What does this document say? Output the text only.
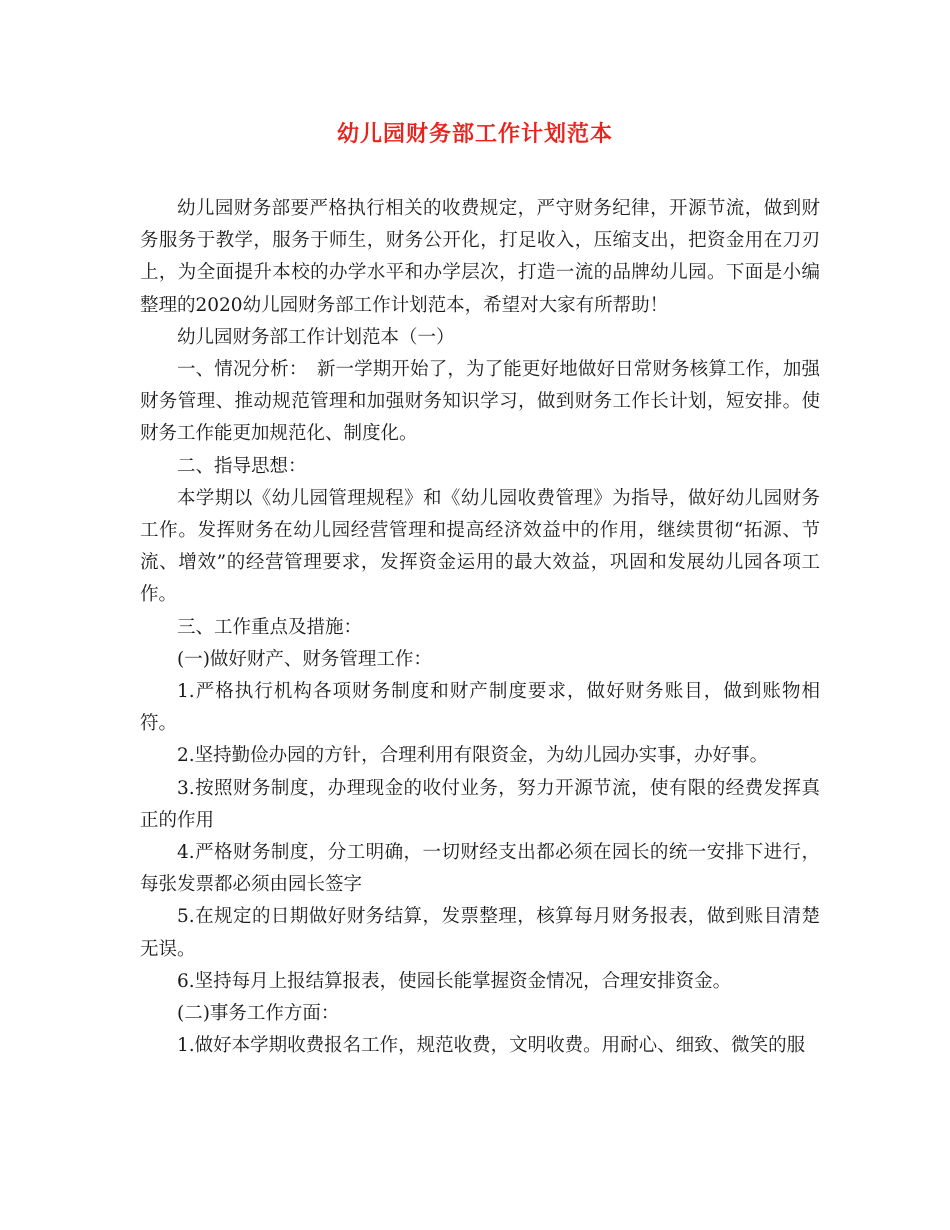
幼儿园财务部工作计划范本

幼儿园财务部要严格执行相关的收费规定，严守财务纪律，开源节流，做到财务服务于教学，服务于师生，财务公开化，打足收入，压缩支出，把资金用在刀刃上，为全面提升本校的办学水平和办学层次，打造一流的品牌幼儿园。下面是小编整理的2020幼儿园财务部工作计划范本，希望对大家有所帮助！

幼儿园财务部工作计划范本（一）

一、情况分析：　新一学期开始了，为了能更好地做好日常财务核算工作，加强财务管理、推动规范管理和加强财务知识学习，做到财务工作长计划，短安排。使财务工作能更加规范化、制度化。

二、指导思想：

本学期以《幼儿园管理规程》和《幼儿园收费管理》为指导，做好幼儿园财务工作。发挥财务在幼儿园经营管理和提高经济效益中的作用，继续贯彻“拓源、节流、增效”的经营管理要求，发挥资金运用的最大效益，巩固和发展幼儿园各项工作。

三、工作重点及措施：

(一)做好财产、财务管理工作：

1.严格执行机构各项财务制度和财产制度要求，做好财务账目，做到账物相符。

2.坚持勤俭办园的方针，合理利用有限资金，为幼儿园办实事，办好事。

3.按照财务制度，办理现金的收付业务，努力开源节流，使有限的经费发挥真正的作用

4.严格财务制度，分工明确，一切财经支出都必须在园长的统一安排下进行，每张发票都必须由园长签字

5.在规定的日期做好财务结算，发票整理，核算每月财务报表，做到账目清楚无误。

6.坚持每月上报结算报表，使园长能掌握资金情况，合理安排资金。

(二)事务工作方面：

1.做好本学期收费报名工作，规范收费，文明收费。用耐心、细致、微笑的服
